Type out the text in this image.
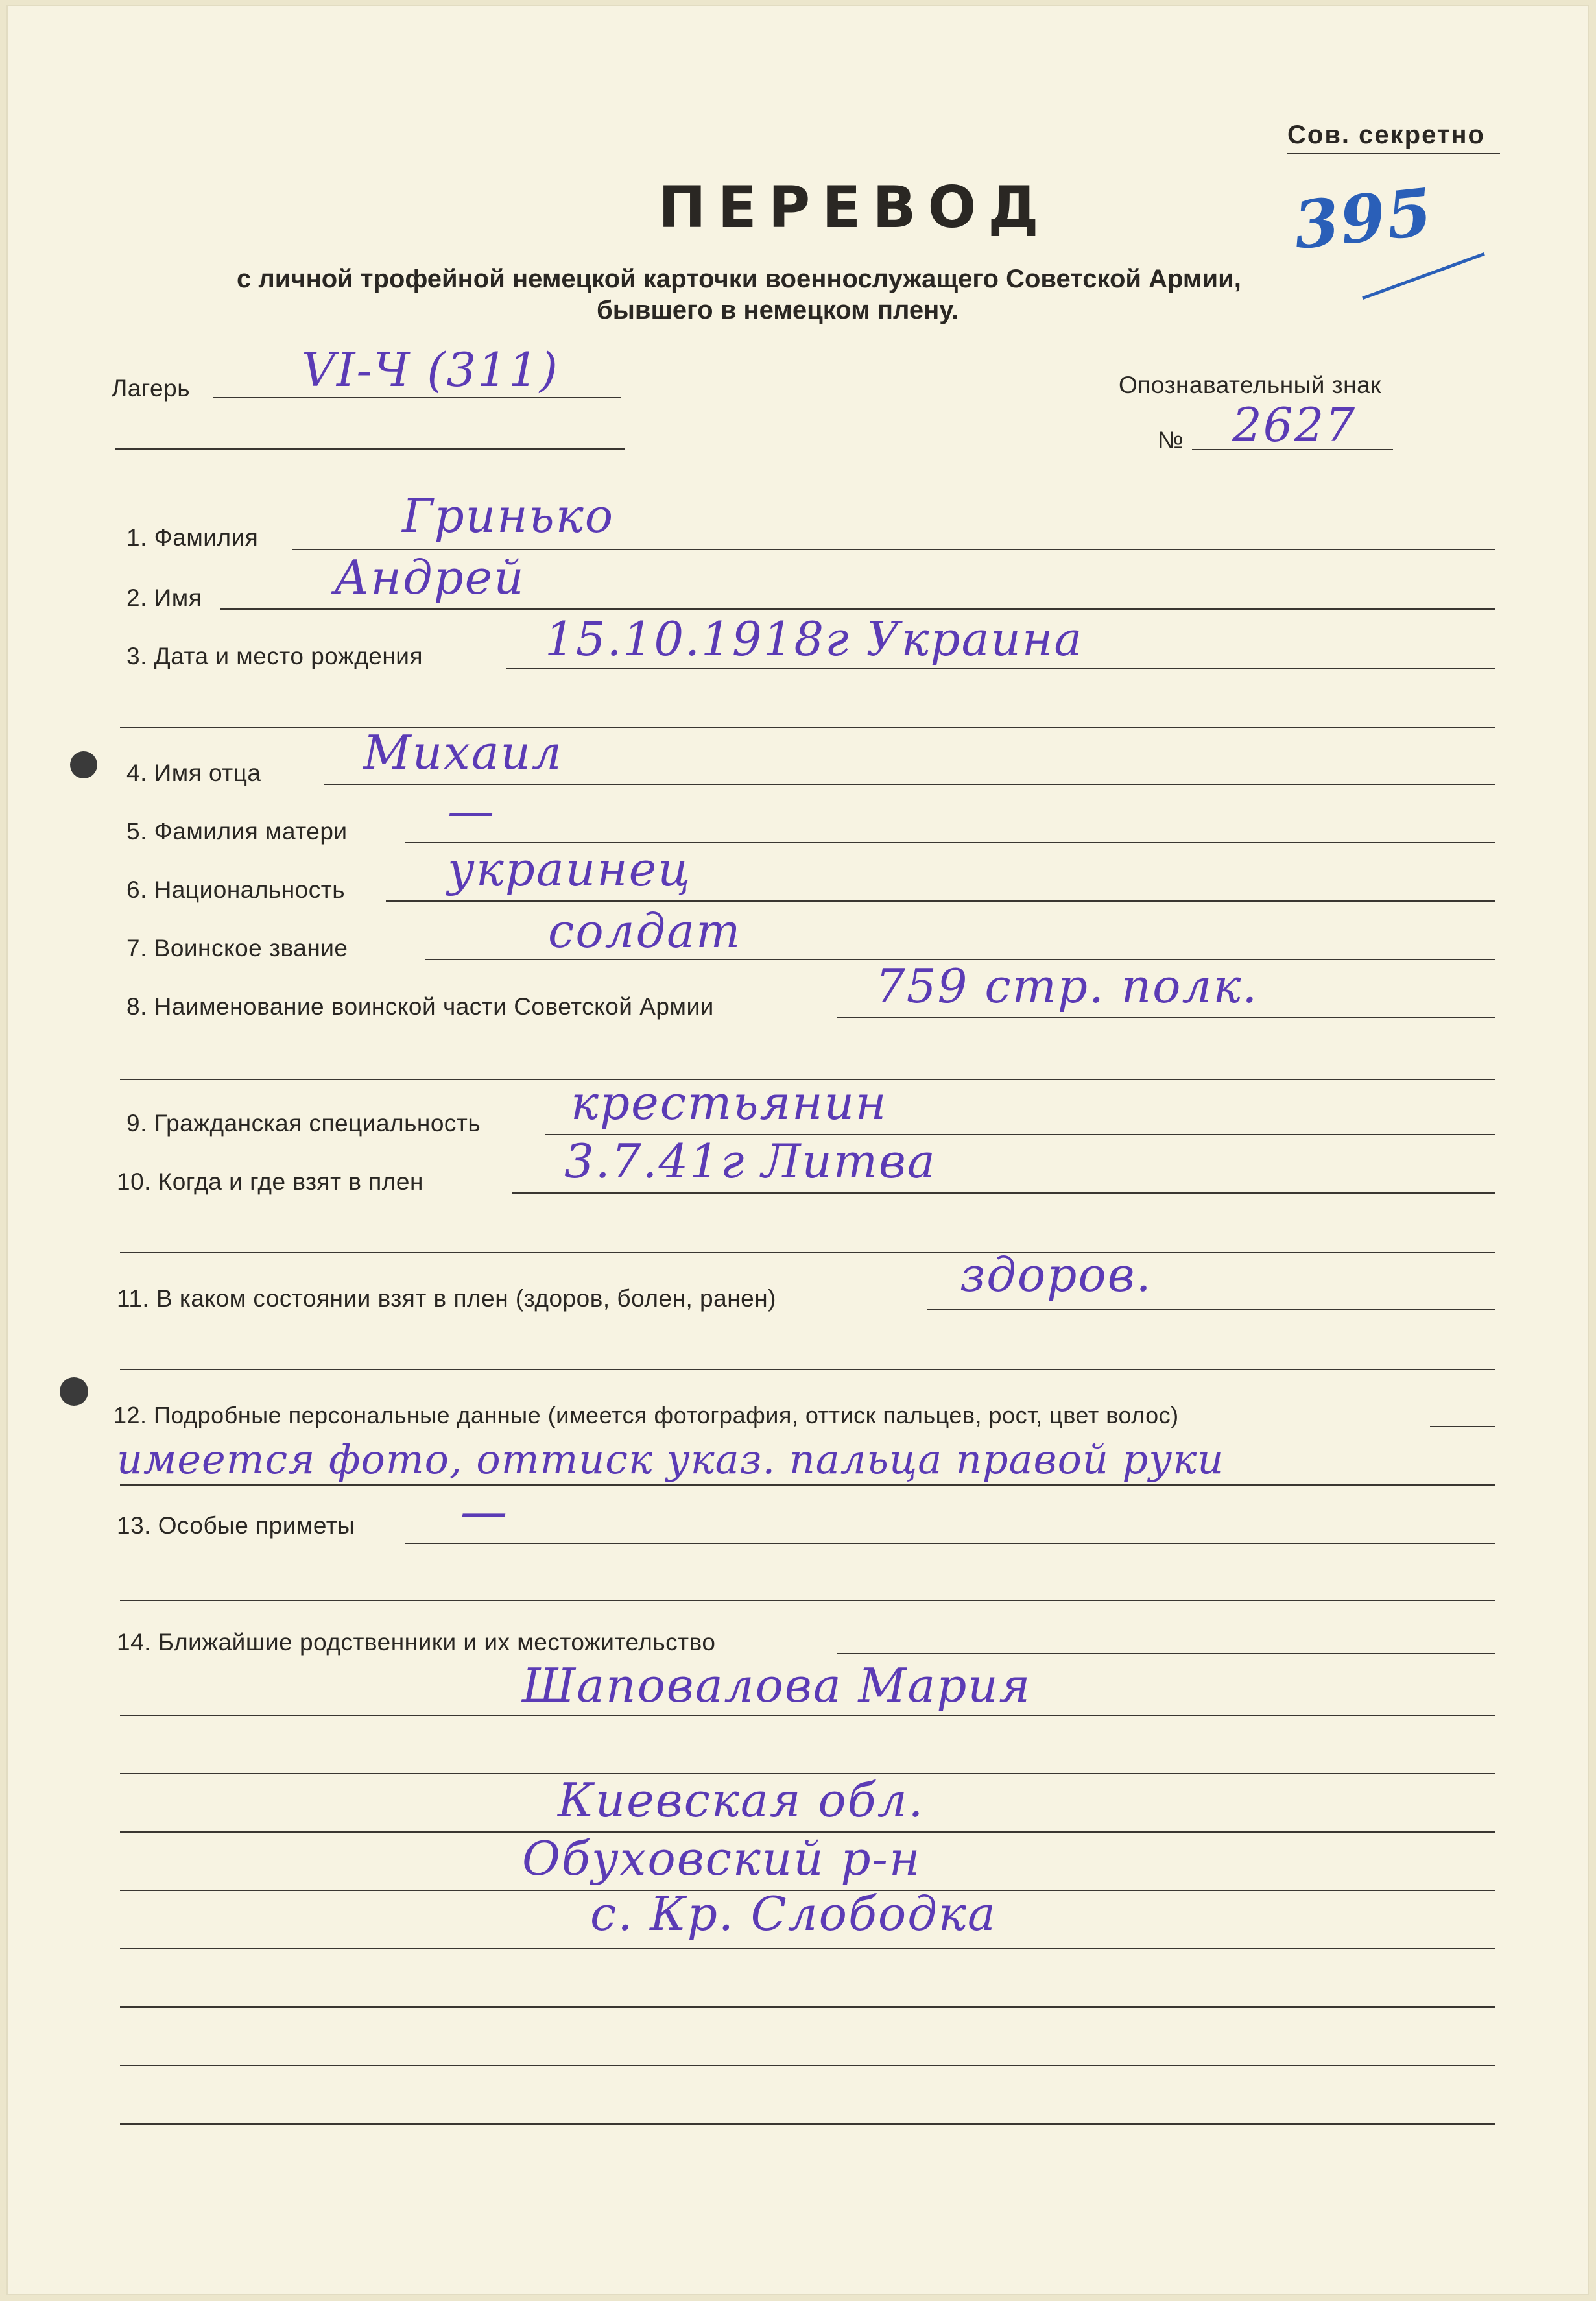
Сов. секретно
395
ПЕРЕВОД
с личной трофейной немецкой карточки военнослужащего Советской Армии,
бывшего в немецком плену.
Лагерь VI-Ч (311)	Опознавательный знак
№ 2627
1. Фамилия	Гринько
2. Имя	Андрей
3. Дата и место рождения	15.10.1918г Украина
4. Имя отца Михаил
5. Фамилия матери —
6. Национальность украинец
7. Воинское звание	солдат
8. Наименование воинской части Советской Армии	759 стр. полк.
9. Гражданская специальность крестьянин
10. Когда и где взят в плен	3.7.41г Литва
11. В каком состоянии взят в плен (здоров, болен, ранен)	здоров.
12. Подробные персональные данные (имеется фотография, оттиск пальцев, рост, цвет волос)
имеется фото, оттиск указ. пальца правой руки
13. Особые приметы —
14. Ближайшие родственники и их местожительство
Шаповалова Мария
Киевская обл.
Обуховский р-н
с. Кр. Слободка
